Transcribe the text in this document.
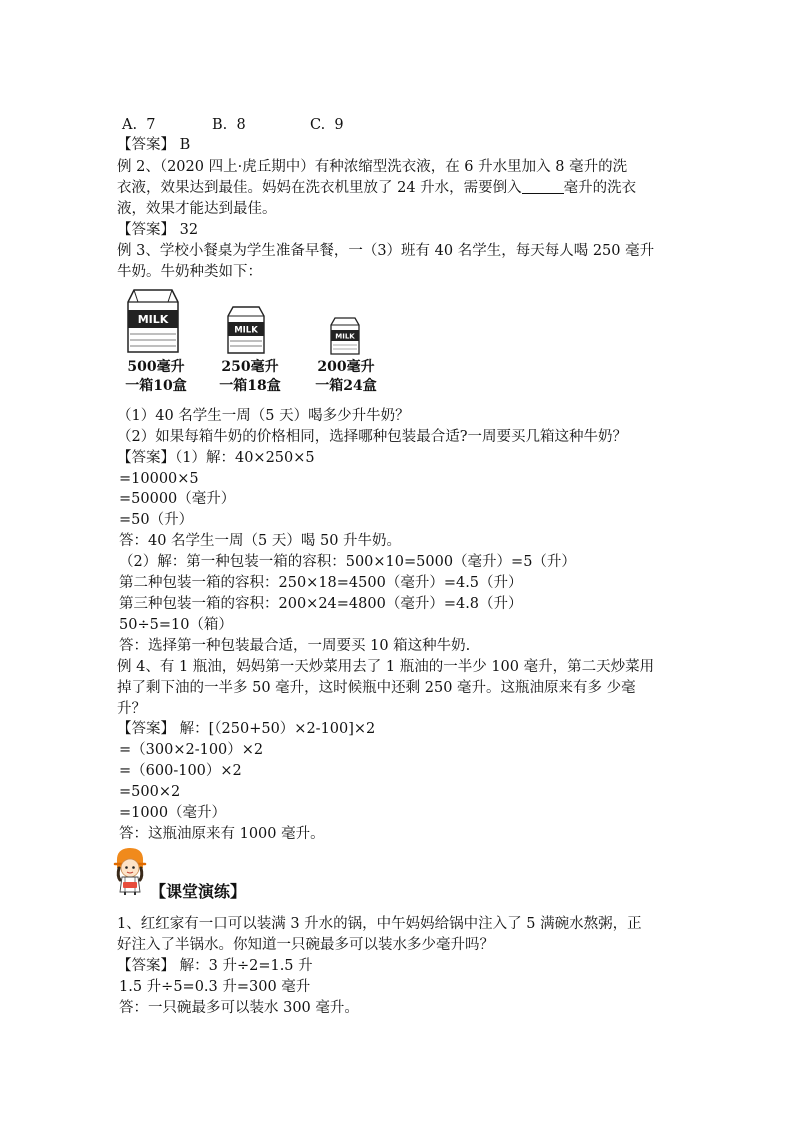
A.  7	B.  8	C.  9
【答案】 B
例 2、（2020 四上·虎丘期中）有种浓缩型洗衣液，在 6 升水里加入 8 毫升的洗
衣液，效果达到最佳。妈妈在洗衣机里放了 24 升水，需要倒入	毫升的洗衣
液，效果才能达到最佳。
【答案】 32
例 3、学校小餐桌为学生准备早餐，一（3）班有 40 名学生，每天每人喝 250 毫升
牛奶。牛奶种类如下：
MILK
MILK
MILK
500毫升
一箱10盒
250毫升
一箱18盒
200毫升
一箱24盒
（1）40 名学生一周（5 天）喝多少升牛奶？
（2）如果每箱牛奶的价格相同，选择哪种包装最合适?一周要买几箱这种牛奶？
【答案】（1）解：40×250×5
=10000×5
=50000（毫升）
=50（升）
答：40 名学生一周（5 天）喝 50 升牛奶。
（2）解：第一种包装一箱的容积：500×10=5000（毫升）=5（升）
第二种包装一箱的容积：250×18=4500（毫升）=4.5（升）
第三种包装一箱的容积：200×24=4800（毫升）=4.8（升）
50÷5=10（箱）
答：选择第一种包装最合适，一周要买 10 箱这种牛奶.
例 4、有 1 瓶油，妈妈第一天炒菜用去了 1 瓶油的一半少 100 毫升，第二天炒菜用
掉了剩下油的一半多 50 毫升，这时候瓶中还剩 250 毫升。这瓶油原来有多 少毫
升？
【答案】 解：[（250+50）×2-100]×2
=（300×2-100）×2
=（600-100）×2
=500×2
=1000（毫升）
答：这瓶油原来有 1000 毫升。
【课堂演练】
1、红红家有一口可以装满 3 升水的锅，中午妈妈给锅中注入了 5 满碗水熬粥，正
好注入了半锅水。你知道一只碗最多可以装水多少毫升吗？
【答案】 解：3 升÷2=1.5 升
1.5 升÷5=0.3 升=300 毫升
答：一只碗最多可以装水 300 毫升。
